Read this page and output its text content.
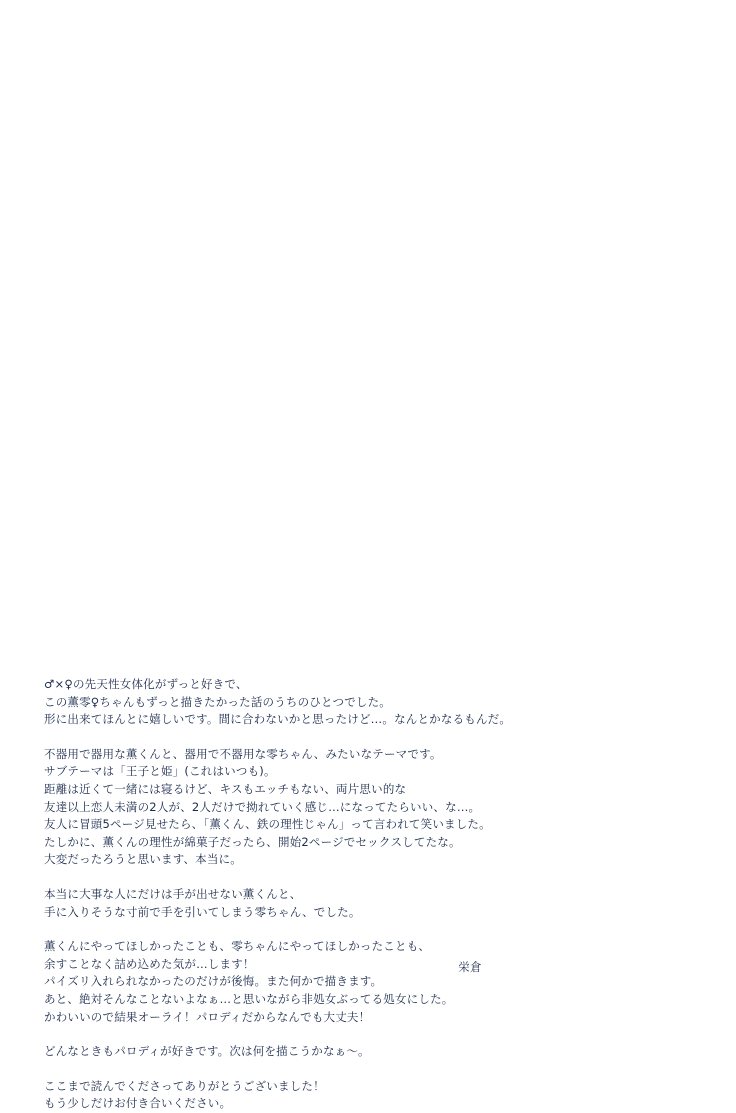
♂×♀の先天性女体化がずっと好きで、
この薫零♀ちゃんもずっと描きたかった話のうちのひとつでした。
形に出来てほんとに嬉しいです。間に合わないかと思ったけど…。なんとかなるもんだ。
不器用で器用な薫くんと、器用で不器用な零ちゃん、みたいなテーマです。
サブテーマは「王子と姫」(これはいつも)。
距離は近くて一緒には寝るけど、キスもエッチもない、両片思い的な
友達以上恋人未満の2人が、2人だけで拗れていく感じ…になってたらいい、な…。
友人に冒頭5ページ見せたら、「薫くん、鉄の理性じゃん」って言われて笑いました。
たしかに、薫くんの理性が綿菓子だったら、開始2ページでセックスしてたな。
大変だったろうと思います、本当に。
本当に大事な人にだけは手が出せない薫くんと、
手に入りそうな寸前で手を引いてしまう零ちゃん、でした。
薫くんにやってほしかったことも、零ちゃんにやってほしかったことも、
余すことなく詰め込めた気が…します！
パイズリ入れられなかったのだけが後悔。また何かで描きます。
あと、絶対そんなことないよなぁ…と思いながら非処女ぶってる処女にした。
かわいいので結果オーライ！パロディだからなんでも大丈夫！
どんなときもパロディが好きです。次は何を描こうかなぁ～。
ここまで読んでくださってありがとうございました！
もう少しだけお付き合いください。
栄倉
